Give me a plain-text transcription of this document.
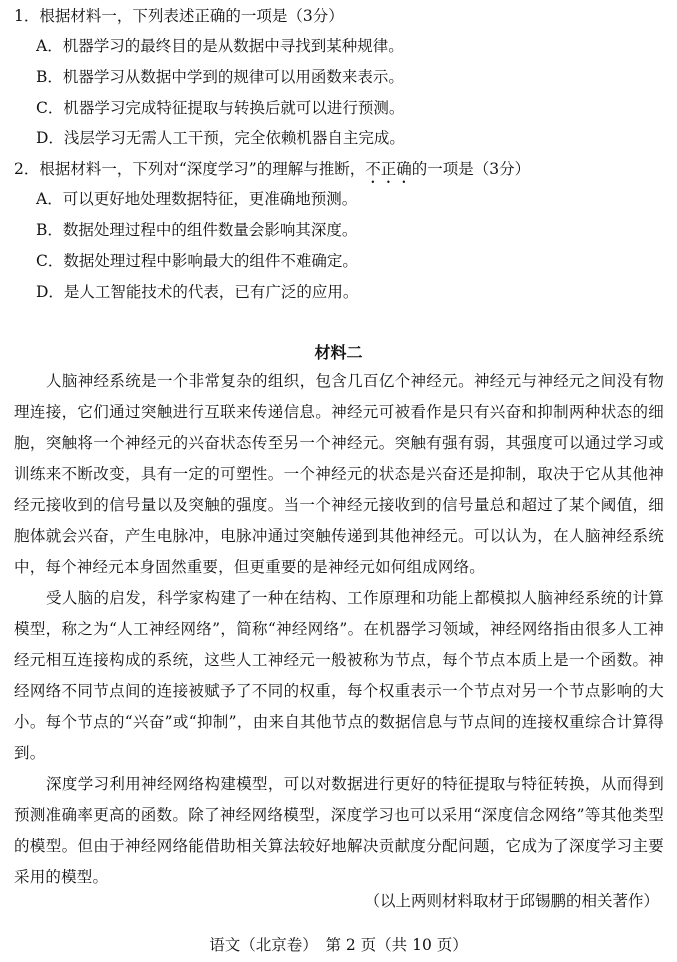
1．根据材料一，下列表述正确的一项是（3分）
A．机器学习的最终目的是从数据中寻找到某种规律。
B．机器学习从数据中学到的规律可以用函数来表示。
C．机器学习完成特征提取与转换后就可以进行预测。
D．浅层学习无需人工干预，完全依赖机器自主完成。
2．根据材料一，下列对“深度学习”的理解与推断，不正确的一项是（3分）
A．可以更好地处理数据特征，更准确地预测。
B．数据处理过程中的组件数量会影响其深度。
C．数据处理过程中影响最大的组件不难确定。
D．是人工智能技术的代表，已有广泛的应用。
材料二

人脑神经系统是一个非常复杂的组织，包含几百亿个神经元。神经元与神经元之间没有物理连接，它们通过突触进行互联来传递信息。神经元可被看作是只有兴奋和抑制两种状态的细胞，突触将一个神经元的兴奋状态传至另一个神经元。突触有强有弱，其强度可以通过学习或训练来不断改变，具有一定的可塑性。一个神经元的状态是兴奋还是抑制，取决于它从其他神经元接收到的信号量以及突触的强度。当一个神经元接收到的信号量总和超过了某个阈值，细胞体就会兴奋，产生电脉冲，电脉冲通过突触传递到其他神经元。可以认为，在人脑神经系统中，每个神经元本身固然重要，但更重要的是神经元如何组成网络。

受人脑的启发，科学家构建了一种在结构、工作原理和功能上都模拟人脑神经系统的计算模型，称之为“人工神经网络”，简称“神经网络”。在机器学习领域，神经网络指由很多人工神经元相互连接构成的系统，这些人工神经元一般被称为节点，每个节点本质上是一个函数。神经网络不同节点间的连接被赋予了不同的权重，每个权重表示一个节点对另一个节点影响的大小。每个节点的“兴奋”或“抑制”，由来自其他节点的数据信息与节点间的连接权重综合计算得到。

深度学习利用神经网络构建模型，可以对数据进行更好的特征提取与特征转换，从而得到预测准确率更高的函数。除了神经网络模型，深度学习也可以采用“深度信念网络”等其他类型的模型。但由于神经网络能借助相关算法较好地解决贡献度分配问题，它成为了深度学习主要采用的模型。

（以上两则材料取材于邱锡鹏的相关著作）
语文（北京卷）　第 2 页（共 10 页）
